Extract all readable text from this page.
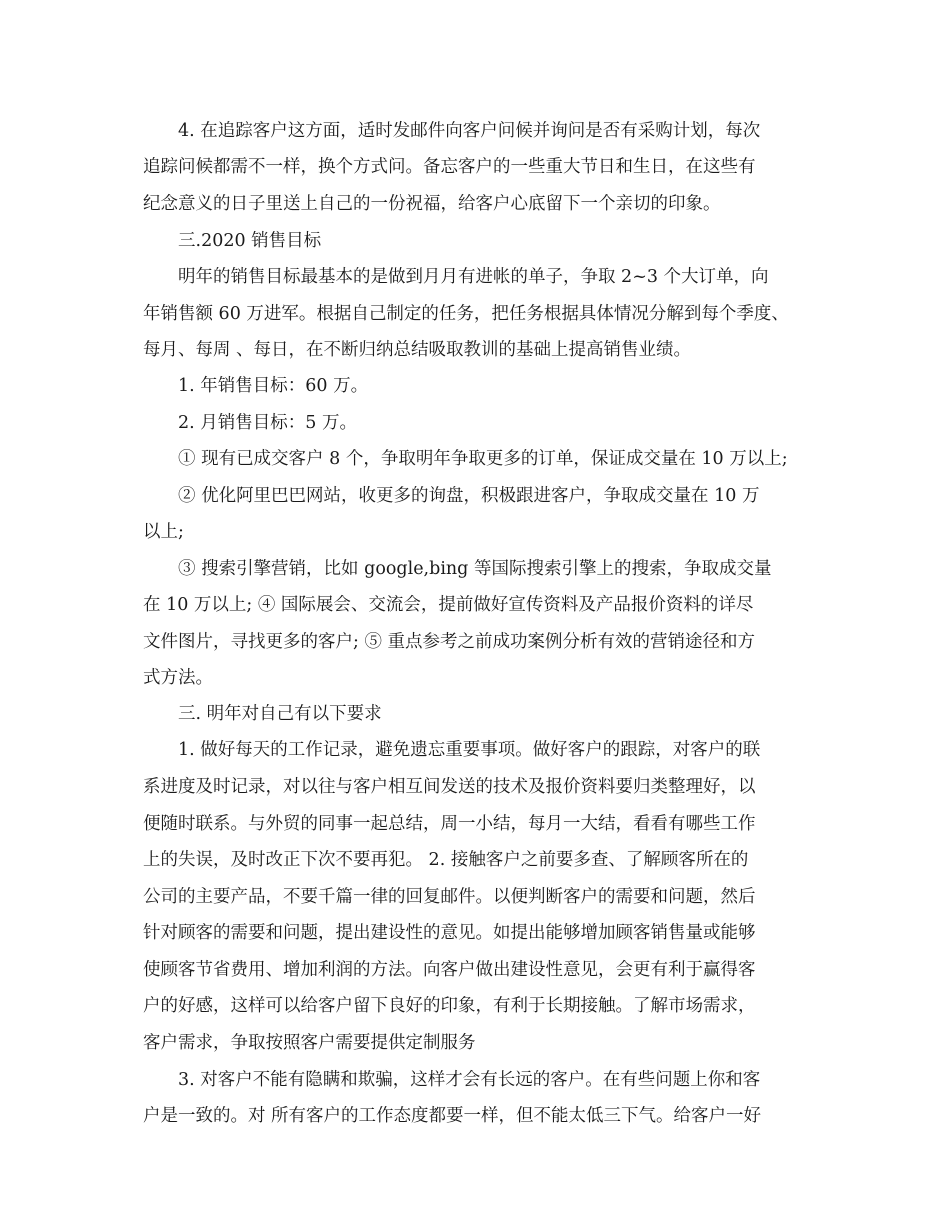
4. 在追踪客户这方面，适时发邮件向客户问候并询问是否有采购计划，每次

追踪问候都需不一样，换个方式问。备忘客户的一些重大节日和生日，在这些有

纪念意义的日子里送上自己的一份祝福，给客户心底留下一个亲切的印象。

三.2020 销售目标

明年的销售目标最基本的是做到月月有进帐的单子，争取 2~3 个大订单，向

年销售额 60 万进军。根据自己制定的任务，把任务根据具体情况分解到每个季度、

每月、每周 、每日，在不断归纳总结吸取教训的基础上提高销售业绩。

1. 年销售目标：60 万。

2. 月销售目标：5 万。

① 现有已成交客户 8 个，争取明年争取更多的订单，保证成交量在 10 万以上;

② 优化阿里巴巴网站，收更多的询盘，积极跟进客户，争取成交量在 10 万

以上;

③ 搜索引擎营销，比如 google,bing 等国际搜索引擎上的搜索，争取成交量

在 10 万以上; ④ 国际展会、交流会，提前做好宣传资料及产品报价资料的详尽

文件图片，寻找更多的客户; ⑤ 重点参考之前成功案例分析有效的营销途径和方

式方法。

三. 明年对自己有以下要求

1. 做好每天的工作记录，避免遗忘重要事项。做好客户的跟踪，对客户的联

系进度及时记录，对以往与客户相互间发送的技术及报价资料要归类整理好，以

便随时联系。与外贸的同事一起总结，周一小结，每月一大结，看看有哪些工作

上的失误，及时改正下次不要再犯。 2. 接触客户之前要多查、了解顾客所在的

公司的主要产品，不要千篇一律的回复邮件。以便判断客户的需要和问题，然后

针对顾客的需要和问题，提出建设性的意见。如提出能够增加顾客销售量或能够

使顾客节省费用、增加利润的方法。向客户做出建设性意见，会更有利于赢得客

户的好感，这样可以给客户留下良好的印象，有利于长期接触。了解市场需求，

客户需求，争取按照客户需要提供定制服务

3. 对客户不能有隐瞒和欺骗，这样才会有长远的客户。在有些问题上你和客

户是一致的。对 所有客户的工作态度都要一样，但不能太低三下气。给客户一好
